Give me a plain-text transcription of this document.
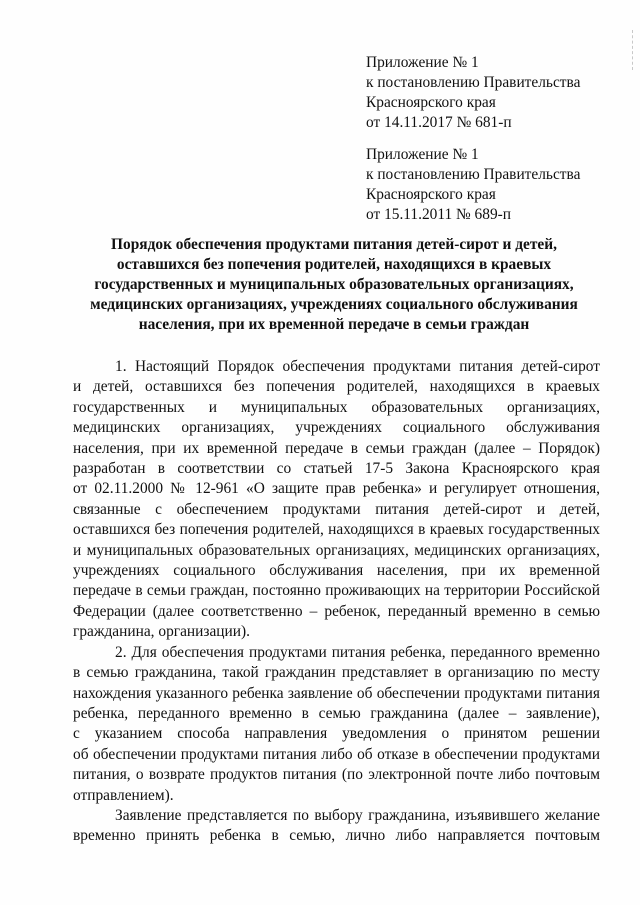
Приложение № 1
к постановлению Правительства
Красноярского края
от 14.11.2017 № 681-п
Приложение № 1
к постановлению Правительства
Красноярского края
от 15.11.2011 № 689-п
Порядок обеспечения продуктами питания детей-сирот и детей,
оставшихся без попечения родителей, находящихся в краевых
государственных и муниципальных образовательных организациях,
медицинских организациях, учреждениях социального обслуживания
населения, при их временной передаче в семьи граждан
1. Настоящий Порядок обеспечения продуктами питания детей-сирот
и детей, оставшихся без попечения родителей, находящихся в краевых
государственных и муниципальных образовательных организациях,
медицинских организациях, учреждениях социального обслуживания
населения, при их временной передаче в семьи граждан (далее – Порядок)
разработан в соответствии со статьей 17-5 Закона Красноярского края
от 02.11.2000 № 12-961 «О защите прав ребенка» и регулирует отношения,
связанные с обеспечением продуктами питания детей-сирот и детей,
оставшихся без попечения родителей, находящихся в краевых государственных
и муниципальных образовательных организациях, медицинских организациях,
учреждениях социального обслуживания населения, при их временной
передаче в семьи граждан, постоянно проживающих на территории Российской
Федерации (далее соответственно – ребенок, переданный временно в семью
гражданина, организации).
2. Для обеспечения продуктами питания ребенка, переданного временно
в семью гражданина, такой гражданин представляет в организацию по месту
нахождения указанного ребенка заявление об обеспечении продуктами питания
ребенка, переданного временно в семью гражданина (далее – заявление),
с указанием способа направления уведомления о принятом решении
об обеспечении продуктами питания либо об отказе в обеспечении продуктами
питания, о возврате продуктов питания (по электронной почте либо почтовым
отправлением).
Заявление представляется по выбору гражданина, изъявившего желание
временно принять ребенка в семью, лично либо направляется почтовым
